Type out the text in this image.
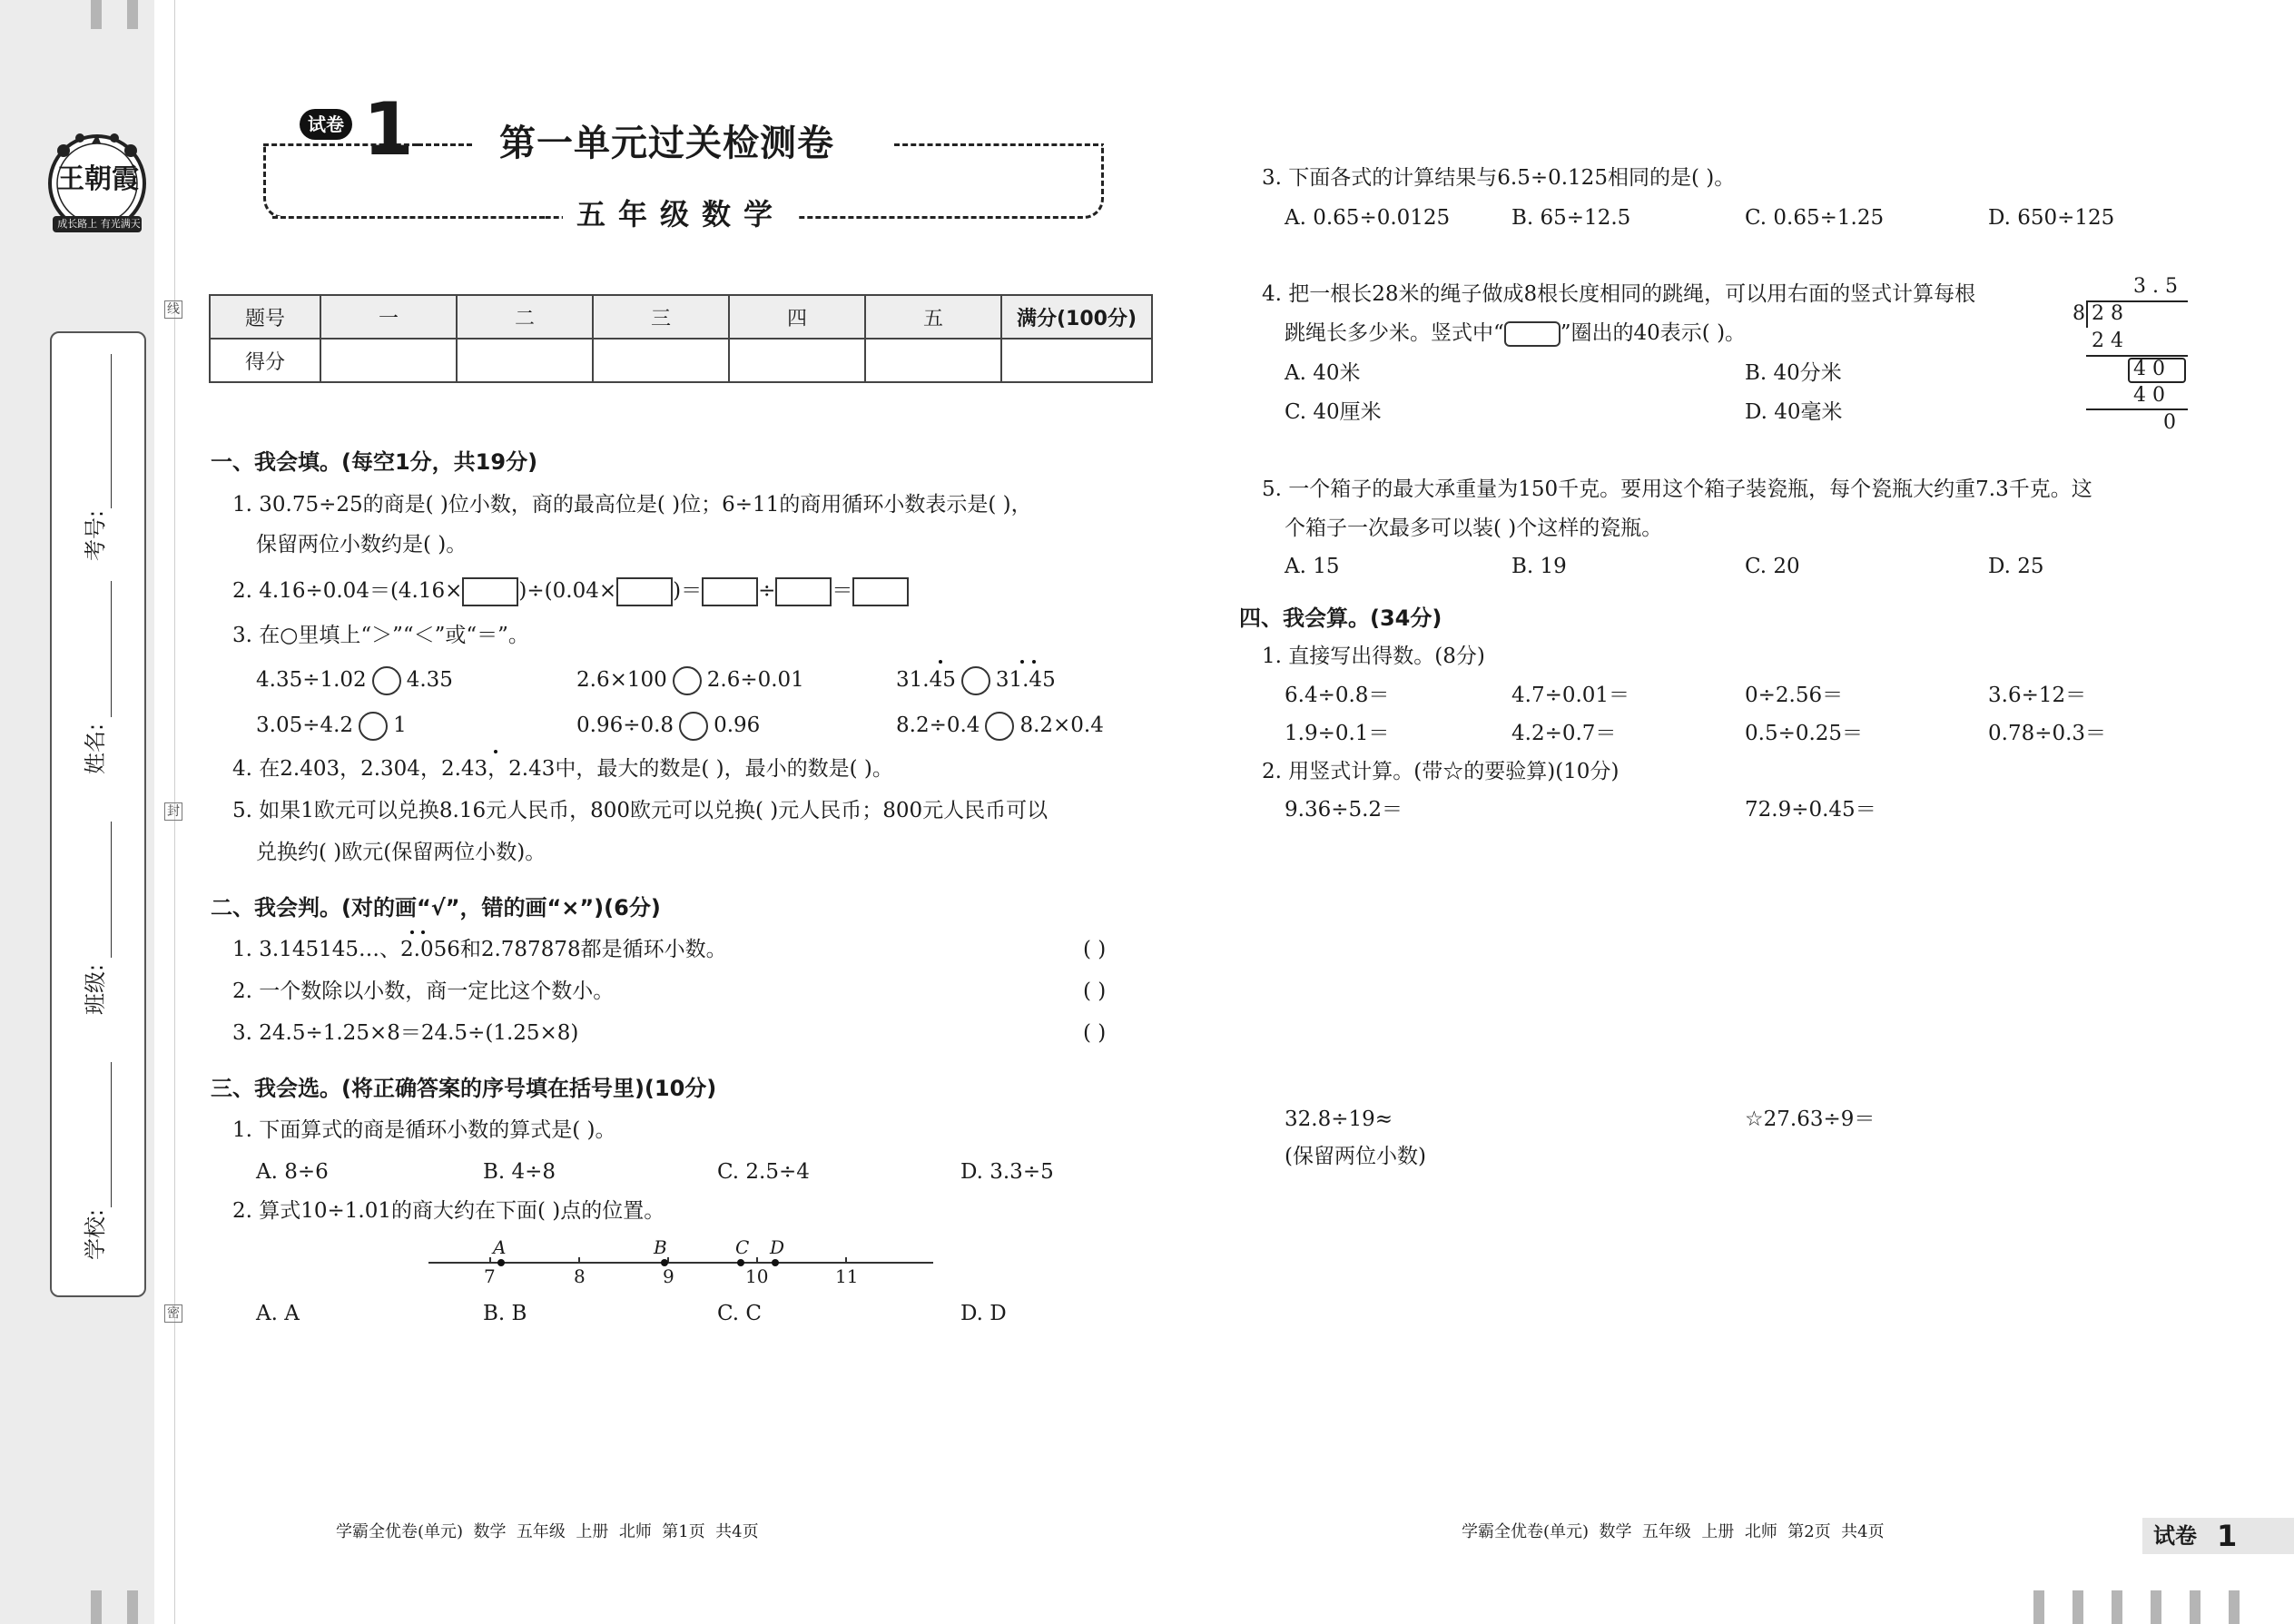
王朝霞
成长路上 有光满天
考号:
姓名:
班级:
学校:
线
封
密
试卷 1 第一单元过关检测卷
五年级数学
题号	一	二	三	四	五	满分(100分)
得分						
一、我会填。(每空1分，共19分)
1. 30.75÷25的商是( )位小数，商的最高位是( )位；6÷11的商用循环小数表示是( )，
保留两位小数约是( )。
2. 4.16÷0.04＝(4.16×	)÷(0.04×	)＝	÷	＝
3. 在○里填上“＞”“＜”或“＝”。
4.35÷1.02 4.35	2.6×100 2.6÷0.01	31.45 31.45
3.05÷4.2 1	0.96÷0.8 0.96	8.2÷0.4 8.2×0.4
4. 在2.403，2.304，2.43，2.43中，最大的数是( )，最小的数是( )。
5. 如果1欧元可以兑换8.16元人民币，800欧元可以兑换( )元人民币；800元人民币可以
兑换约( )欧元(保留两位小数)。
二、我会判。(对的画“√”，错的画“×”)(6分)
1. 3.145145…、2.056和2.787878都是循环小数。	( )
2. 一个数除以小数，商一定比这个数小。	( )
3. 24.5÷1.25×8＝24.5÷(1.25×8)	( )
三、我会选。(将正确答案的序号填在括号里)(10分)
1. 下面算式的商是循环小数的算式是( )。
A. 8÷6	B. 4÷8	C. 2.5÷4	D. 3.3÷5
2. 算式10÷1.01的商大约在下面( )点的位置。
A	B	C D
7	8	9	10	11
A. A	B. B	C. C	D. D
3. 下面各式的计算结果与6.5÷0.125相同的是( )。
A. 0.65÷0.0125	B. 65÷12.5	C. 0.65÷1.25	D. 650÷125
4. 把一根长28米的绳子做成8根长度相同的跳绳，可以用右面的竖式计算每根
跳绳长多少米。竖式中“	”圈出的40表示( )。
A. 40米	B. 40分米
C. 40厘米	D. 40毫米
3 . 5
8 2 8
2 4
4 0
4 0
0
5. 一个箱子的最大承重量为150千克。要用这个箱子装瓷瓶，每个瓷瓶大约重7.3千克。这
个箱子一次最多可以装( )个这样的瓷瓶。
A. 15	B. 19	C. 20	D. 25
四、我会算。(34分)
1. 直接写出得数。(8分)
6.4÷0.8＝	4.7÷0.01＝	0÷2.56＝	3.6÷12＝
1.9÷0.1＝	4.2÷0.7＝	0.5÷0.25＝	0.78÷0.3＝
2. 用竖式计算。(带☆的要验算)(10分)
9.36÷5.2＝	72.9÷0.45＝
32.8÷19≈	☆27.63÷9＝
(保留两位小数)
学霸全优卷(单元)  数学  五年级  上册  北师  第1页  共4页	学霸全优卷(单元)  数学  五年级  上册  北师  第2页  共4页	试卷 1
